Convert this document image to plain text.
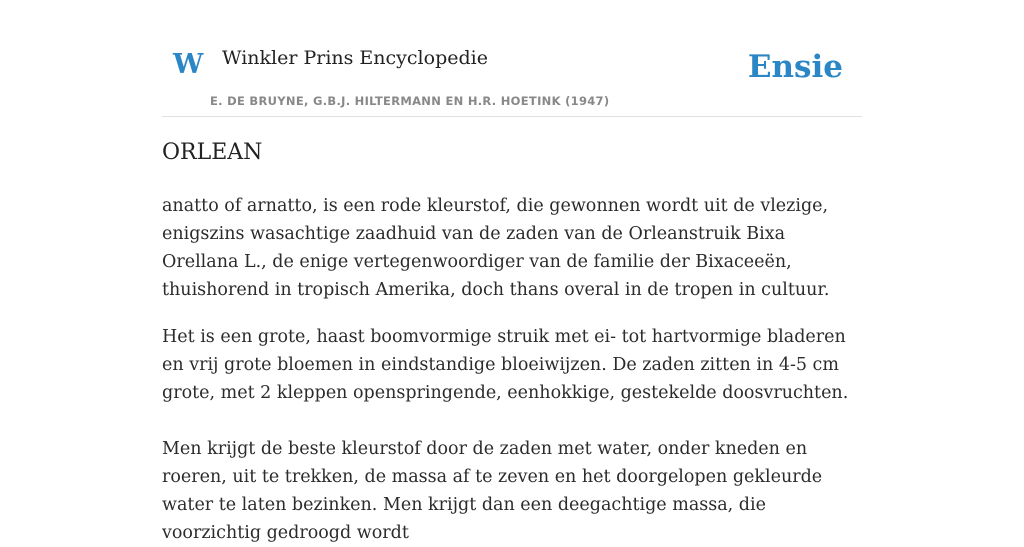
W Winkler Prins Encyclopedie
E. DE BRUYNE, G.B.J. HILTERMANN EN H.R. HOETINK (1947)
Ensie
ORLEAN

anatto of arnatto, is een rode kleurstof, die gewonnen wordt uit de vlezige, enigszins wasachtige zaadhuid van de zaden van de Orleanstruik Bixa Orellana L., de enige vertegenwoordiger van de familie der Bixaceeën, thuishorend in tropisch Amerika, doch thans overal in de tropen in cultuur.

Het is een grote, haast boomvormige struik met ei- tot hartvormige bladeren en vrij grote bloemen in eindstandige bloeiwijzen. De zaden zitten in 4-5 cm grote, met 2 kleppen openspringende, eenhokkige, gestekelde doosvruchten.

Men krijgt de beste kleurstof door de zaden met water, onder kneden en roeren, uit te trekken, de massa af te zeven en het doorgelopen gekleurde water te laten bezinken. Men krijgt dan een deegachtige massa, die voorzichtig gedroogd wordt
